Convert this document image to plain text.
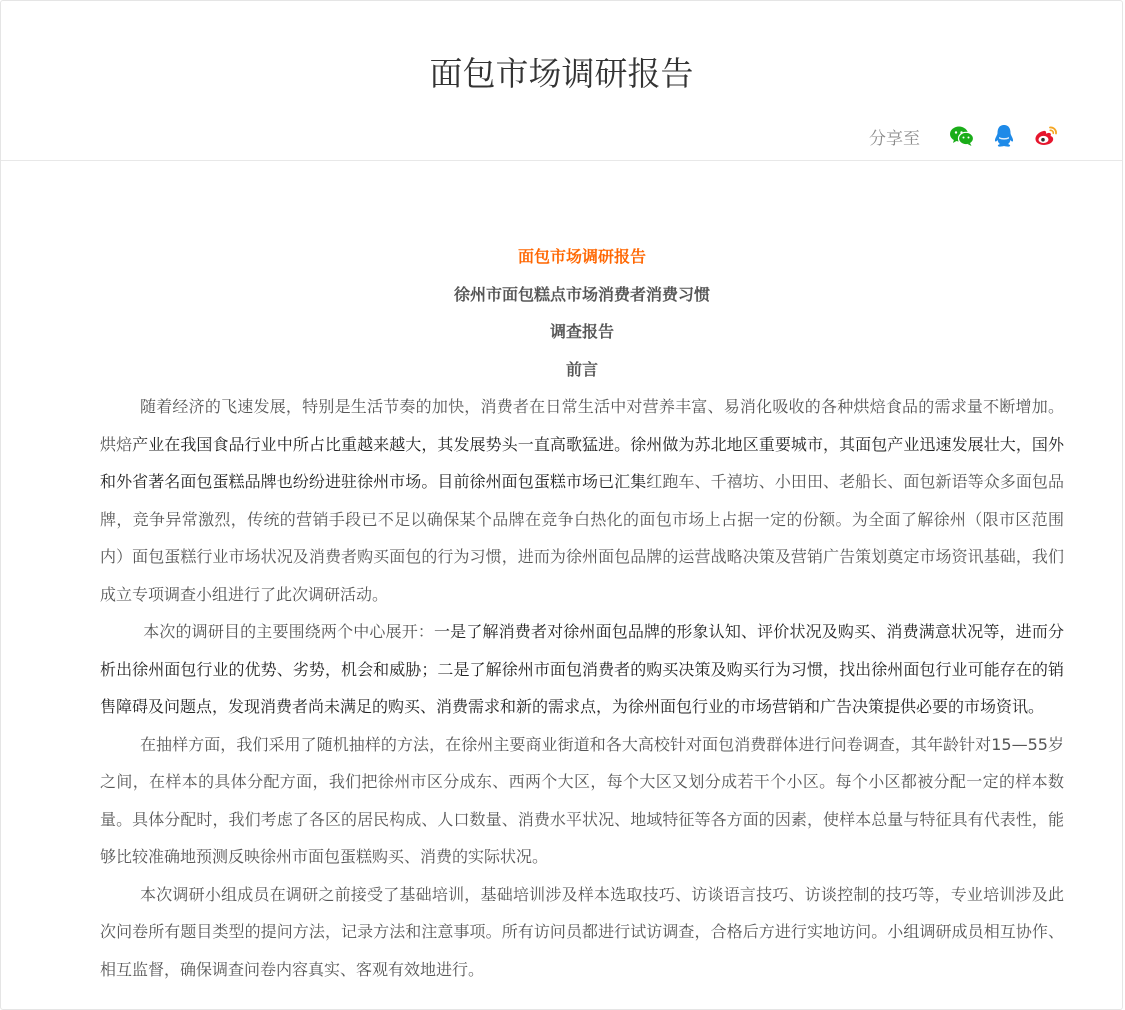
面包市场调研报告
分享至

面包市场调研报告

徐州市面包糕点市场消费者消费习惯

调查报告

前言

随着经济的飞速发展，特别是生活节奏的加快，消费者在日常生活中对营养丰富、易消化吸收的各种烘焙食品的需求量不断增加。烘焙产业在我国食品行业中所占比重越来越大，其发展势头一直高歌猛进。徐州做为苏北地区重要城市，其面包产业迅速发展壮大，国外和外省著名面包蛋糕品牌也纷纷进驻徐州市场。目前徐州面包蛋糕市场已汇集红跑车、千禧坊、小田田、老船长、面包新语等众多面包品牌，竞争异常激烈，传统的营销手段已不足以确保某个品牌在竞争白热化的面包市场上占据一定的份额。为全面了解徐州（限市区范围内）面包蛋糕行业市场状况及消费者购买面包的行为习惯，进而为徐州面包品牌的运营战略决策及营销广告策划奠定市场资讯基础，我们成立专项调查小组进行了此次调研活动。

本次的调研目的主要围绕两个中心展开：一是了解消费者对徐州面包品牌的形象认知、评价状况及购买、消费满意状况等，进而分析出徐州面包行业的优势、劣势，机会和威胁；二是了解徐州市面包消费者的购买决策及购买行为习惯，找出徐州面包行业可能存在的销售障碍及问题点，发现消费者尚未满足的购买、消费需求和新的需求点，为徐州面包行业的市场营销和广告决策提供必要的市场资讯。

在抽样方面，我们采用了随机抽样的方法，在徐州主要商业街道和各大高校针对面包消费群体进行问卷调查，其年龄针对15—55岁之间，在样本的具体分配方面，我们把徐州市区分成东、西两个大区，每个大区又划分成若干个小区。每个小区都被分配一定的样本数量。具体分配时，我们考虑了各区的居民构成、人口数量、消费水平状况、地域特征等各方面的因素，使样本总量与特征具有代表性，能够比较准确地预测反映徐州市面包蛋糕购买、消费的实际状况。

本次调研小组成员在调研之前接受了基础培训，基础培训涉及样本选取技巧、访谈语言技巧、访谈控制的技巧等，专业培训涉及此次问卷所有题目类型的提问方法，记录方法和注意事项。所有访问员都进行试访调查，合格后方进行实地访问。小组调研成员相互协作、相互监督，确保调查问卷内容真实、客观有效地进行。
